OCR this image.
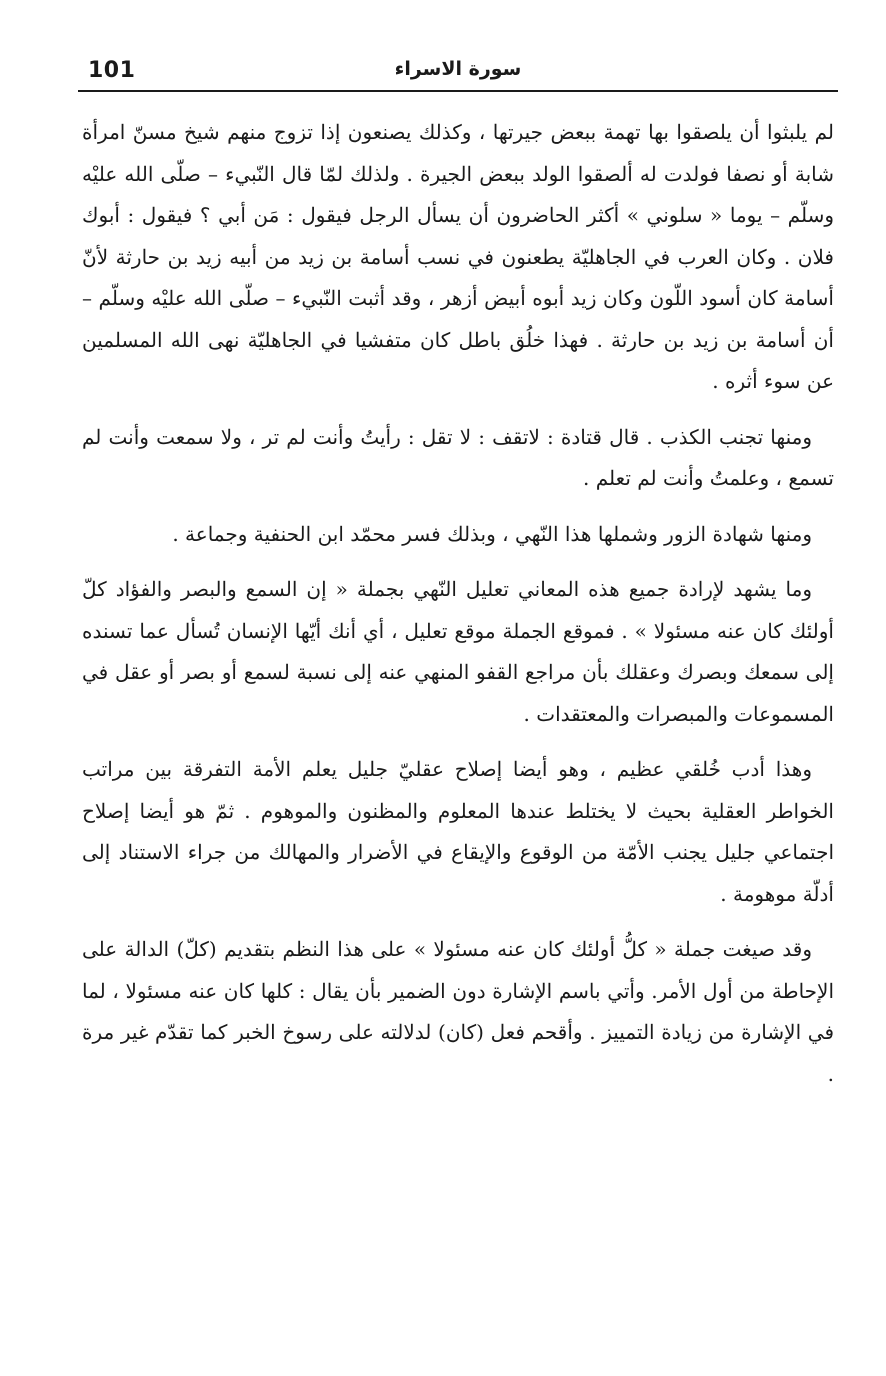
101	سورة الاسراء

لم يلبثوا أن يلصقوا بها تهمة ببعض جيرتها ، وكذلك يصنعون إذا تزوج منهم شيخ مسنّ امرأة شابة أو نصفا فولدت له ألصقوا الولد ببعض الجيرة . ولذلك لمّا قال النّبيء – صلّى الله عليْه وسلّم – يوما « سلوني » أكثر الحاضرون أن يسأل الرجل فيقول : مَن أبي ؟ فيقول : أبوك فلان . وكان العرب في الجاهليّة يطعنون في نسب أسامة بن زيد من أبيه زيد بن حارثة لأنّ أسامة كان أسود اللّون وكان زيد أبوه أبيض أزهر ، وقد أثبت النّبيء – صلّى الله عليْه وسلّم – أن أسامة بن زيد بن حارثة . فهذا خلُق باطل كان متفشيا في الجاهليّة نهى الله المسلمين عن سوء أثره .

ومنها تجنب الكذب . قال قتادة : لاتقف : لا تقل : رأيتُ وأنت لم تر ، ولا سمعت وأنت لم تسمع ، وعلمتُ وأنت لم تعلم .

ومنها شهادة الزور وشملها هذا النّهي ، وبذلك فسر محمّد ابن الحنفية وجماعة .

وما يشهد لإرادة جميع هذه المعاني تعليل النّهي بجملة « إن السمع والبصر والفؤاد كلّ أولئك كان عنه مسئولا » . فموقع الجملة موقع تعليل ، أي أنك أيّها الإنسان تُسأل عما تسنده إلى سمعك وبصرك وعقلك بأن مراجع القفو المنهي عنه إلى نسبة لسمع أو بصر أو عقل في المسموعات والمبصرات والمعتقدات .

وهذا أدب خُلقي عظيم ، وهو أيضا إصلاح عقليّ جليل يعلم الأمة التفرقة بين مراتب الخواطر العقلية بحيث لا يختلط عندها المعلوم والمظنون والموهوم . ثمّ هو أيضا إصلاح اجتماعي جليل يجنب الأمّة من الوقوع والإيقاع في الأضرار والمهالك من جراء الاستناد إلى أدلّة موهومة .

وقد صيغت جملة « كلُّ أولئك كان عنه مسئولا » على هذا النظم بتقديم (كلّ) الدالة على الإحاطة من أول الأمر. وأتي باسم الإشارة دون الضمير بأن يقال : كلها كان عنه مسئولا ، لما في الإشارة من زيادة التمييز . وأقحم فعل (كان) لدلالته على رسوخ الخبر كما تقدّم غير مرة .
